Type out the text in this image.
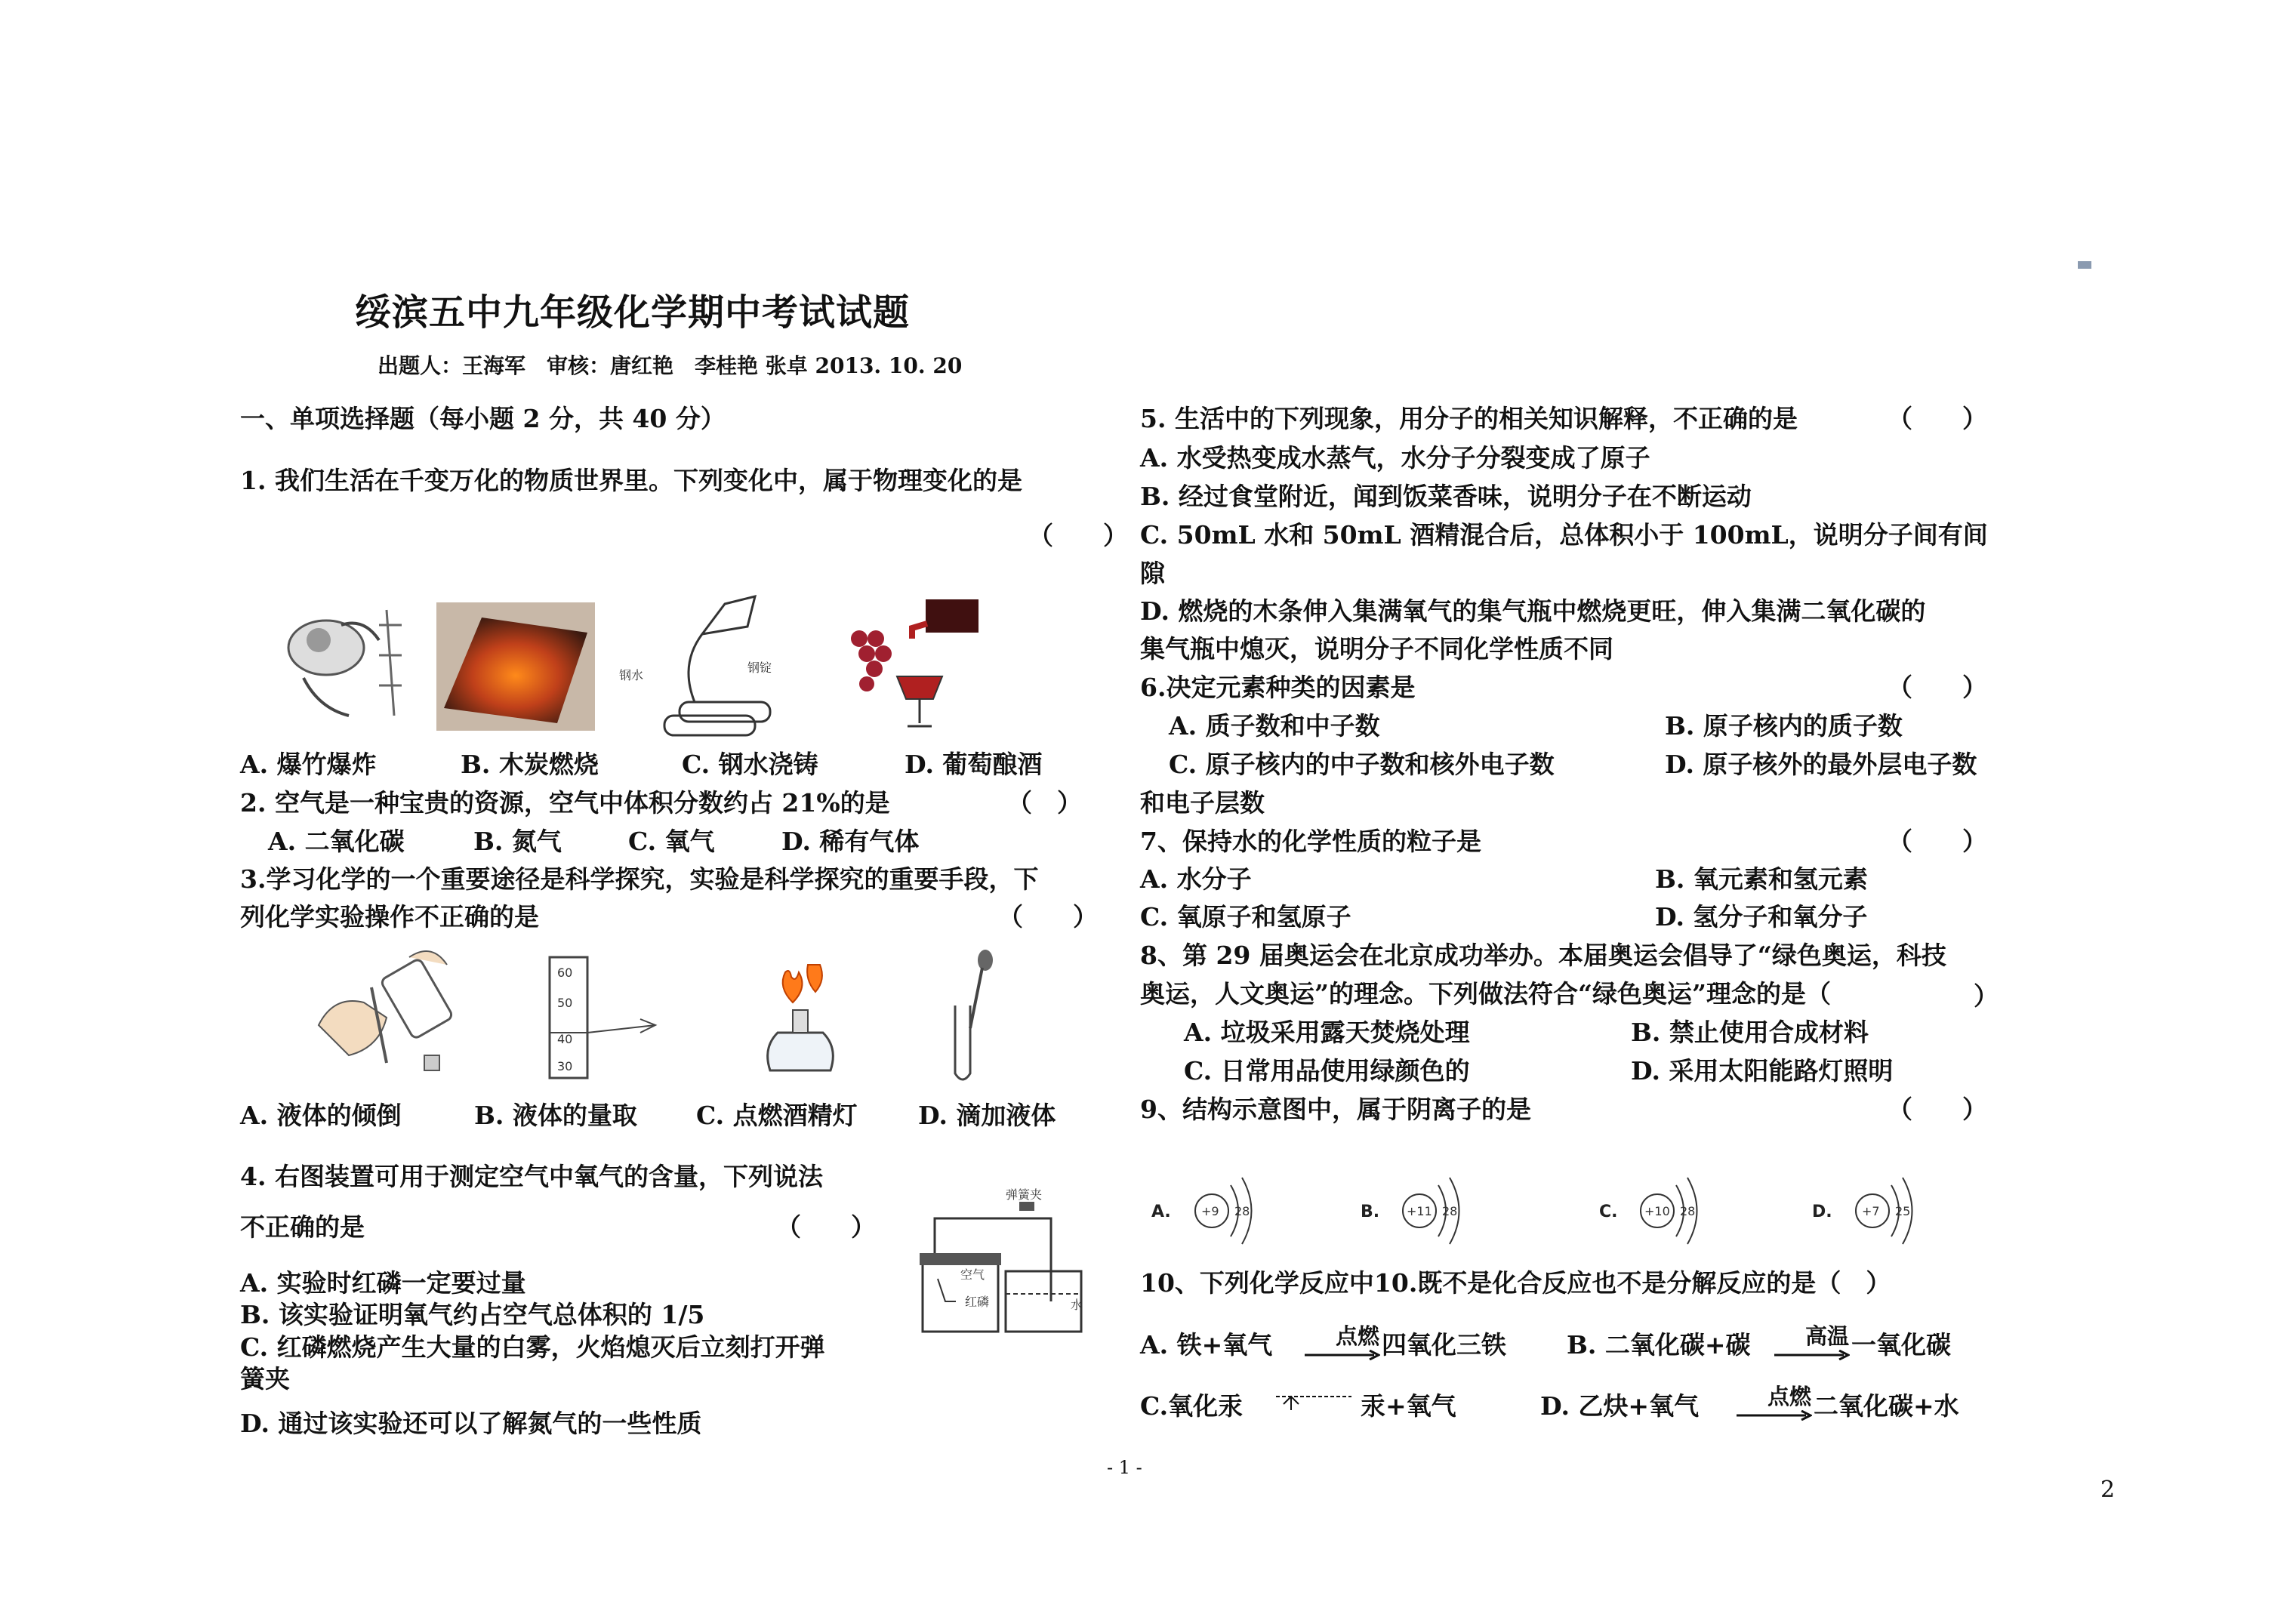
绥滨五中九年级化学期中考试试题
出题人：王海军　审核：唐红艳　李桂艳 张卓 2013. 10. 20
一、单项选择题（每小题 2 分，共 40 分）
1. 我们生活在千变万化的物质世界里。下列变化中，属于物理变化的是
（　　）
钢水
钢锭
A. 爆竹爆炸	B. 木炭燃烧	C. 钢水浇铸	D. 葡萄酿酒
2. 空气是一种宝贵的资源，空气中体积分数约占 21%的是	（　）
A. 二氧化碳	B. 氮气	C. 氧气	D. 稀有气体
3.学习化学的一个重要途径是科学探究，实验是科学探究的重要手段，下
列化学实验操作不正确的是	（　　）
60
50
40
30
A. 液体的倾倒	B. 液体的量取 C. 点燃酒精灯 D. 滴加液体
4. 右图装置可用于测定空气中氧气的含量，下列说法
不正确的是	（　　）
A. 实验时红磷一定要过量
B. 该实验证明氧气约占空气总体积的 1/5
C. 红磷燃烧产生大量的白雾，火焰熄灭后立刻打开弹
簧夹
D. 通过该实验还可以了解氮气的一些性质
弹簧夹
空气
红磷	水
5. 生活中的下列现象，用分子的相关知识解释，不正确的是	（　　）
A. 水受热变成水蒸气，水分子分裂变成了原子
B. 经过食堂附近，闻到饭菜香味，说明分子在不断运动
C. 50mL 水和 50mL 酒精混合后，总体积小于 100mL，说明分子间有间
隙
D. 燃烧的木条伸入集满氧气的集气瓶中燃烧更旺，伸入集满二氧化碳的
集气瓶中熄灭，说明分子不同化学性质不同
6.决定元素种类的因素是	（　　）
A. 质子数和中子数	B. 原子核内的质子数
C. 原子核内的中子数和核外电子数	D. 原子核外的最外层电子数
和电子层数
7、保持水的化学性质的粒子是	（　　）
A. 水分子	B. 氧元素和氢元素
C. 氧原子和氢原子	D. 氢分子和氧分子
8、第 29 届奥运会在北京成功举办。本届奥运会倡导了“绿色奥运，科技
奥运，人文奥运”的理念。下列做法符合“绿色奥运”理念的是（	）
A. 垃圾采用露天焚烧处理	B. 禁止使用合成材料
C. 日常用品使用绿颜色的	D. 采用太阳能路灯照明
9、结构示意图中，属于阴离子的是	（　　）
A.	+9 28	B. +11 28	C. +10 28	D. +7 25
10、下列化学反应中10.既不是化合反应也不是分解反应的是（　）
A. 铁+氧气	点燃 四氧化三铁 B. 二氧化碳+碳	高温 一氧化碳
C.氧化汞	汞+氧气	D. 乙炔+氧气	点燃 二氧化碳+水
- 1 -
2
